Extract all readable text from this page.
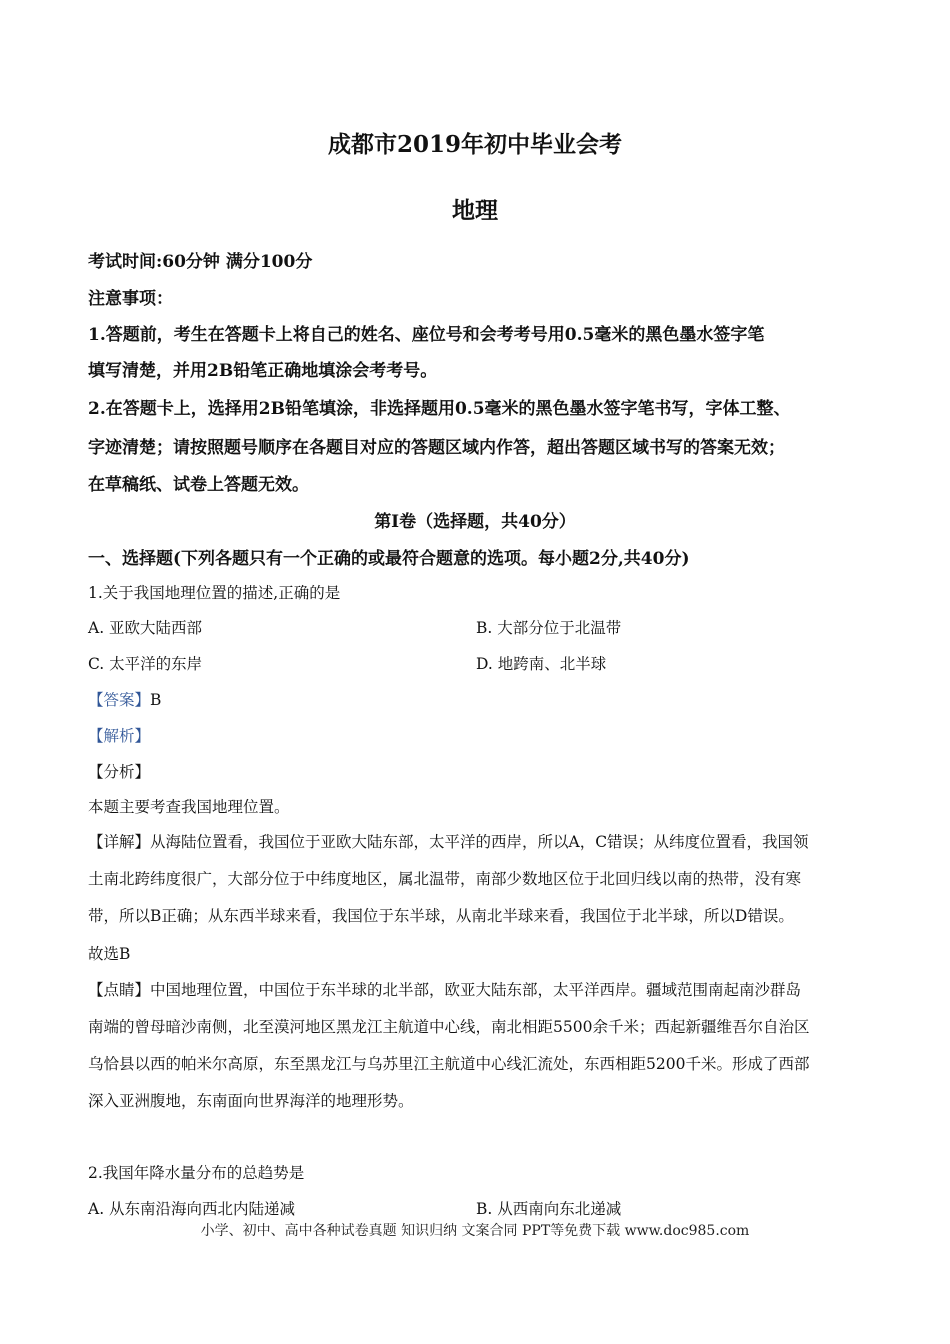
成都市2019年初中毕业会考
地理
考试时间:60分钟 满分100分
注意事项：
1.答题前，考生在答题卡上将自己的姓名、座位号和会考考号用0.5毫米的黑色墨水签字笔
填写清楚，并用2B铅笔正确地填涂会考考号。
2.在答题卡上，选择用2B铅笔填涂，非选择题用0.5毫米的黑色墨水签字笔书写，字体工整、
字迹清楚；请按照题号顺序在各题目对应的答题区域内作答，超出答题区域书写的答案无效；
在草稿纸、试卷上答题无效。
第Ⅰ卷（选择题，共40分）
一、选择题(下列各题只有一个正确的或最符合题意的选项。每小题2分,共40分)
1.关于我国地理位置的描述,正确的是
A. 亚欧大陆西部	B. 大部分位于北温带
C. 太平洋的东岸	D. 地跨南、北半球
【答案】B
【解析】
【分析】
本题主要考查我国地理位置。
【详解】从海陆位置看，我国位于亚欧大陆东部，太平洋的西岸，所以A，C错误；从纬度位置看，我国领
土南北跨纬度很广，大部分位于中纬度地区，属北温带，南部少数地区位于北回归线以南的热带，没有寒
带，所以B正确；从东西半球来看，我国位于东半球，从南北半球来看，我国位于北半球，所以D错误。
故选B
【点睛】中国地理位置，中国位于东半球的北半部，欧亚大陆东部，太平洋西岸。疆域范围南起南沙群岛
南端的曾母暗沙南侧，北至漠河地区黑龙江主航道中心线，南北相距5500余千米；西起新疆维吾尔自治区
乌恰县以西的帕米尔高原，东至黑龙江与乌苏里江主航道中心线汇流处，东西相距5200千米。形成了西部
深入亚洲腹地，东南面向世界海洋的地理形势。
2.我国年降水量分布的总趋势是
A. 从东南沿海向西北内陆递减	B. 从西南向东北递减
小学、初中、高中各种试卷真题 知识归纳 文案合同 PPT等免费下载 www.doc985.com
